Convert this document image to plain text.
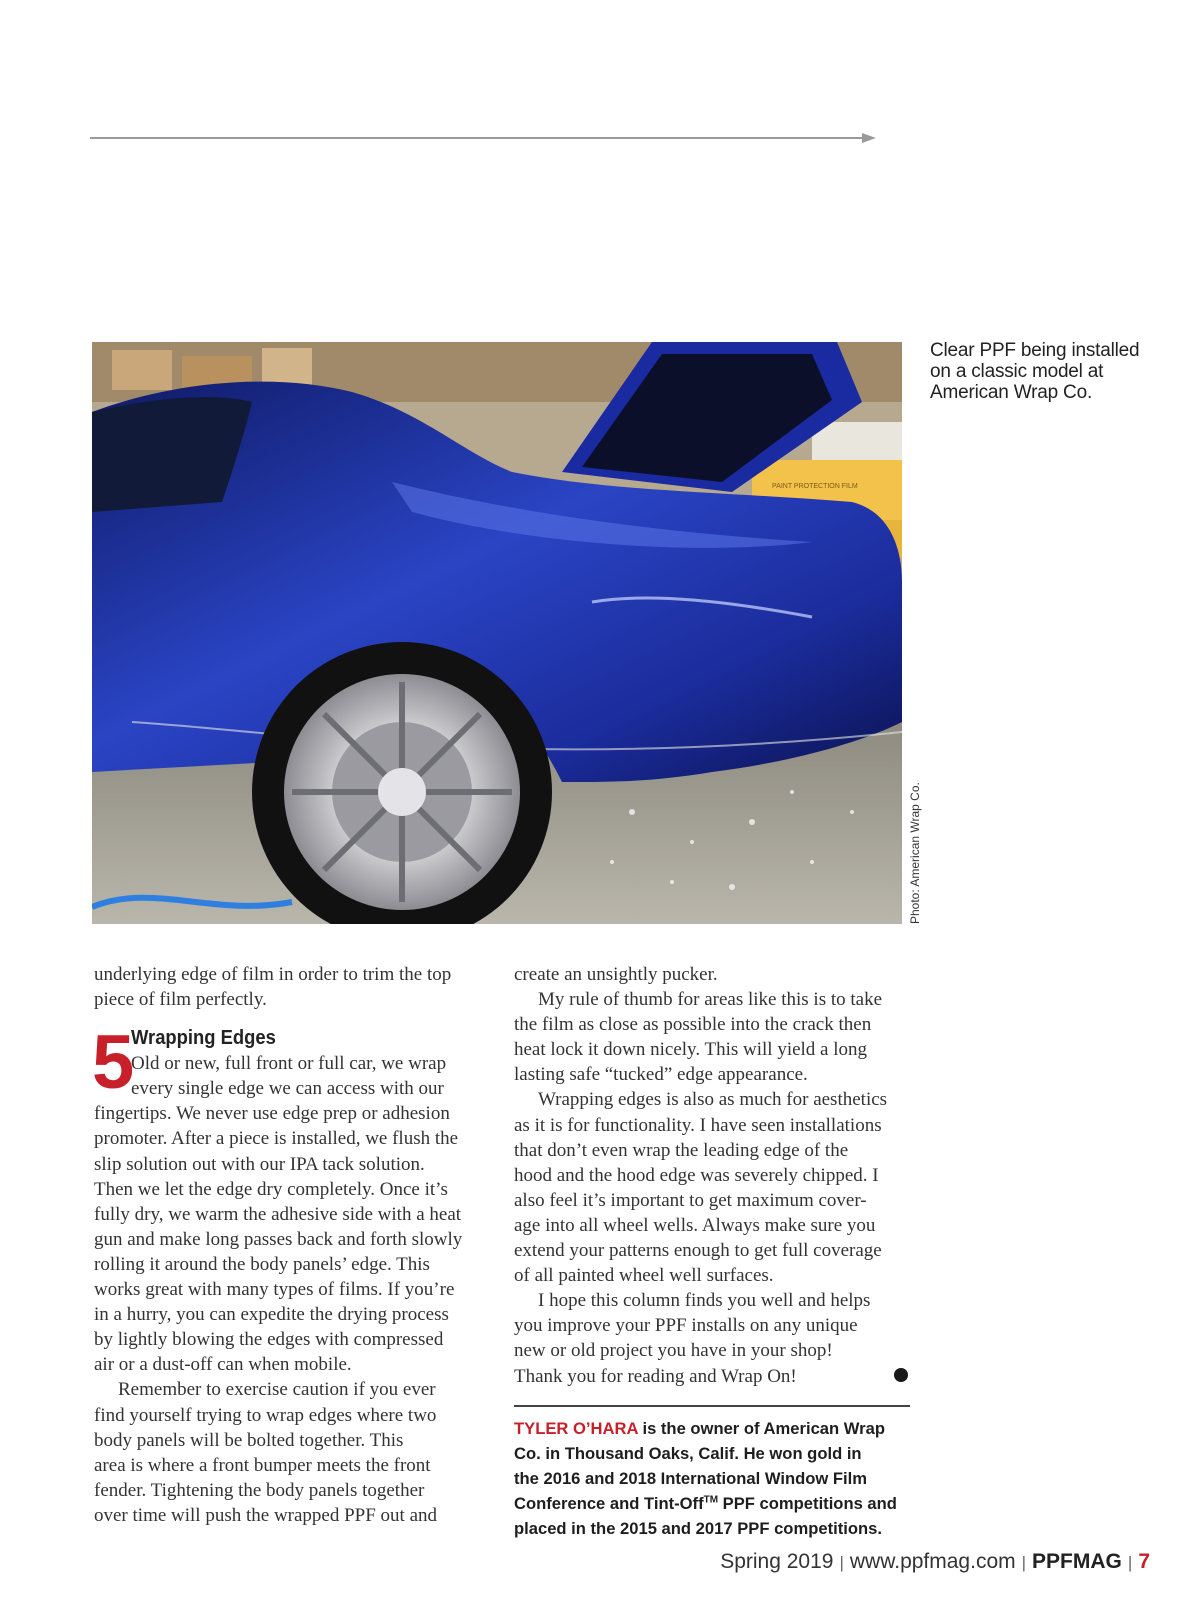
PAINT PROTECTION FILM
Photo: American Wrap Co.
Clear PPF being installed
on a classic model at
American Wrap Co.
underlying edge of film in order to trim the top
piece of film perfectly.
5
Wrapping Edges
Old or new, full front or full car, we wrap
every single edge we can access with our
fingertips. We never use edge prep or adhesion
promoter. After a piece is installed, we flush the
slip solution out with our IPA tack solution.
Then we let the edge dry completely. Once it’s
fully dry, we warm the adhesive side with a heat
gun and make long passes back and forth slowly
rolling it around the body panels’ edge. This
works great with many types of films. If you’re
in a hurry, you can expedite the drying process
by lightly blowing the edges with compressed
air or a dust-off can when mobile.
Remember to exercise caution if you ever
find yourself trying to wrap edges where two
body panels will be bolted together. This
area is where a front bumper meets the front
fender. Tightening the body panels together
over time will push the wrapped PPF out and
create an unsightly pucker.
My rule of thumb for areas like this is to take
the film as close as possible into the crack then
heat lock it down nicely. This will yield a long
lasting safe “tucked” edge appearance.
Wrapping edges is also as much for aesthetics
as it is for functionality. I have seen installations
that don’t even wrap the leading edge of the
hood and the hood edge was severely chipped. I
also feel it’s important to get maximum cover-
age into all wheel wells. Always make sure you
extend your patterns enough to get full coverage
of all painted wheel well surfaces.
I hope this column finds you well and helps
you improve your PPF installs on any unique
new or old project you have in your shop!
Thank you for reading and Wrap On!
TYLER O’HARA is the owner of American Wrap
Co. in Thousand Oaks, Calif. He won gold in
the 2016 and 2018 International Window Film
Conference and Tint-Off™ PPF competitions and
placed in the 2015 and 2017 PPF competitions.
Spring 2019 | www.ppfmag.com | PPFMAG | 7
